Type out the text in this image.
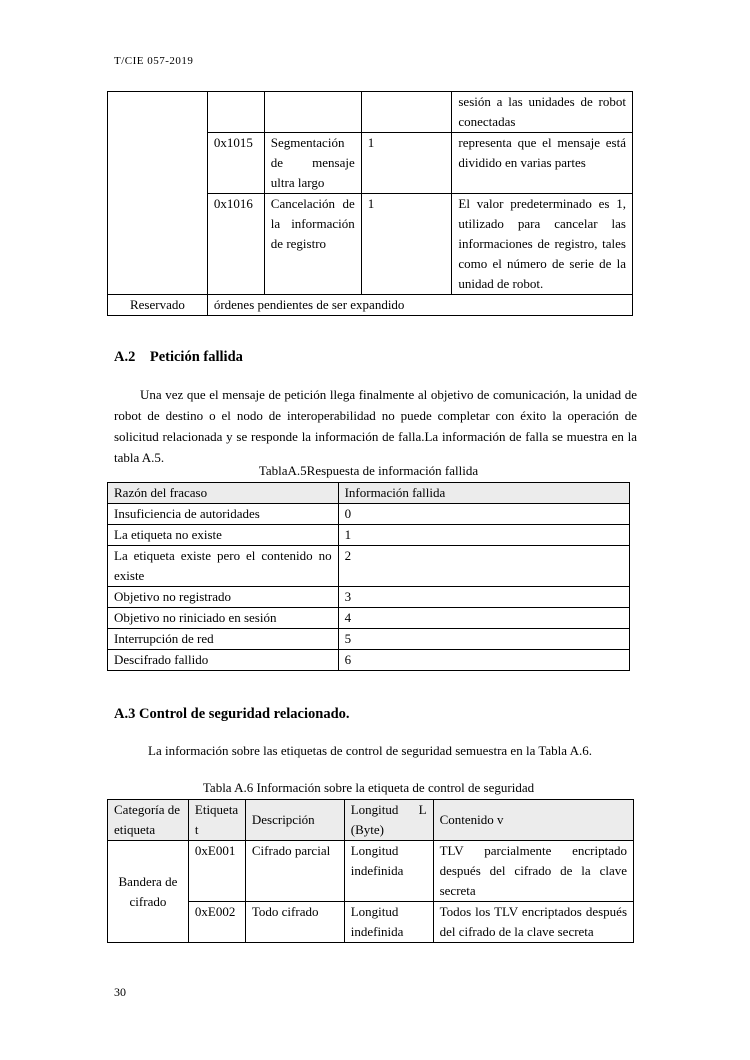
T/CIE 057-2019
				sesión a las unidades de robot conectadas
	0x1015	Segmentación de mensaje ultra largo	1	representa que el mensaje está dividido en varias partes
	0x1016	Cancelación de la información de registro	1	El valor predeterminado es 1, utilizado para cancelar las informaciones de registro, tales como el número de serie de la unidad de robot.
Reservado	órdenes pendientes de ser expandido			
A.2 Petición fallida
Una vez que el mensaje de petición llega finalmente al objetivo de comunicación, la unidad de robot de destino o el nodo de interoperabilidad no puede completar con éxito la operación de solicitud relacionada y se responde la información de falla.La información de falla se muestra en la tabla A.5.
TablaA.5Respuesta de información fallida
Razón del fracaso	Información fallida
Insuficiencia de autoridades	0
La etiqueta no existe	1
La etiqueta existe pero el contenido no existe	2
Objetivo no registrado	3
Objetivo no riniciado en sesión	4
Interrupción de red	5
Descifrado fallido	6
A.3 Control de seguridad relacionado.
La información sobre las etiquetas de control de seguridad semuestra en la Tabla A.6.
Tabla A.6 Información sobre la etiqueta de control de seguridad
Categoría de etiqueta	Etiqueta t	Descripción	Longitud L (Byte)	Contenido v
Bandera de cifrado	0xE001	Cifrado parcial	Longitud indefinida	TLV parcialmente encriptado después del cifrado de la clave secreta
	0xE002	Todo cifrado	Longitud indefinida	Todos los TLV encriptados después del cifrado de la clave secreta
30
